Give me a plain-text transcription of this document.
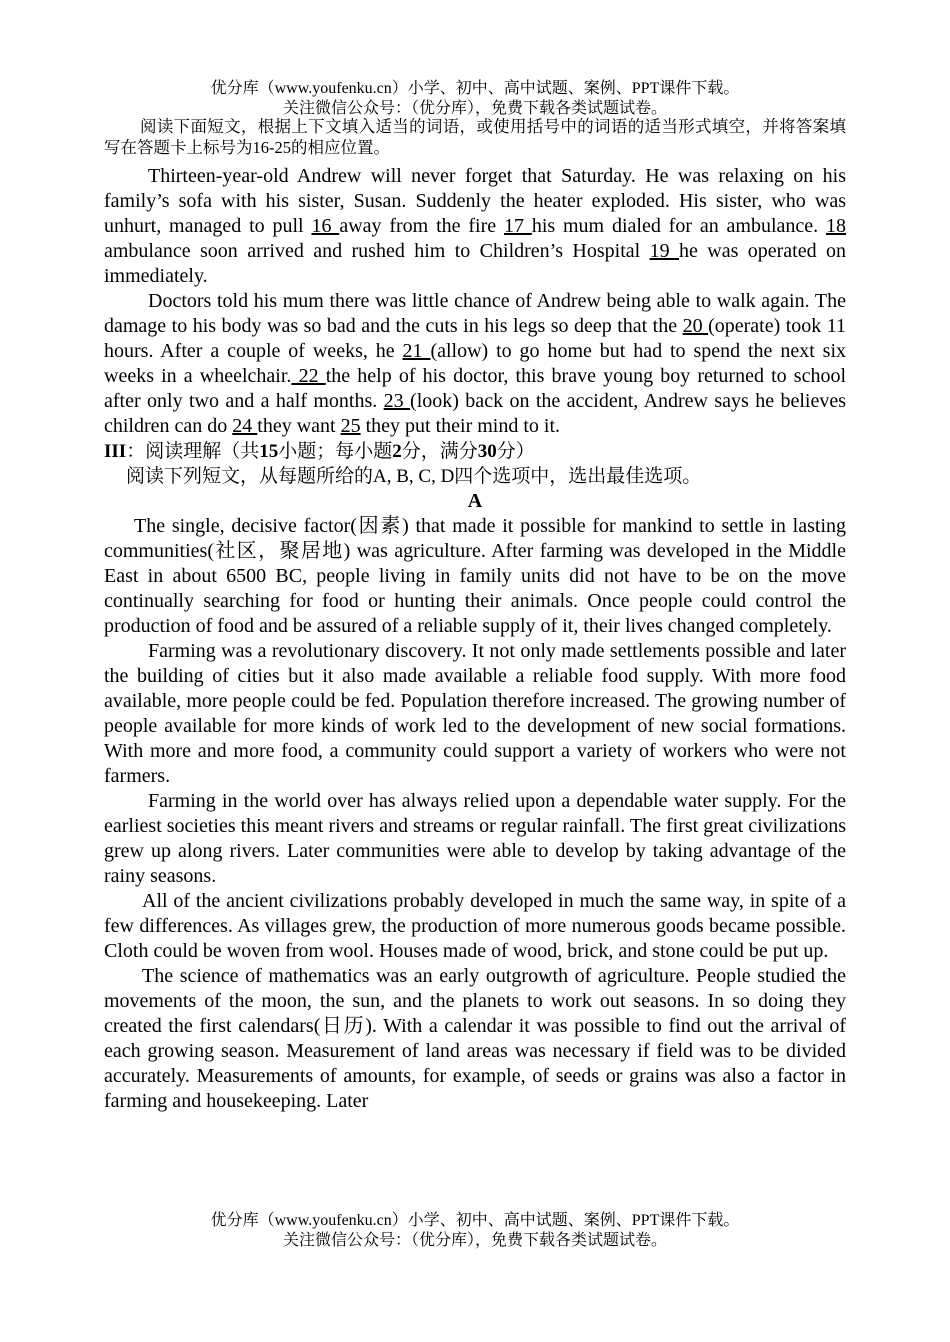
优分库（www.youfenku.cn）小学、初中、高中试题、案例、PPT课件下载。
关注微信公众号：（优分库），免费下载各类试题试卷。

阅读下面短文，根据上下文填入适当的词语，或使用括号中的词语的适当形式填空，并将答案填写在答题卡上标号为16-25的相应位置。

Thirteen-year-old Andrew will never forget that Saturday. He was relaxing on his family’s sofa with his sister, Susan. Suddenly the heater exploded. His sister, who was unhurt, managed to pull 16 away from the fire 17 his mum dialed for an ambulance. 18 ambulance soon arrived and rushed him to Children’s Hospital 19 he was operated on immediately.

Doctors told his mum there was little chance of Andrew being able to walk again. The damage to his body was so bad and the cuts in his legs so deep that the 20 (operate) took 11 hours. After a couple of weeks, he 21 (allow) to go home but had to spend the next six weeks in a wheelchair. 22 the help of his doctor, this brave young boy returned to school after only two and a half months. 23 (look) back on the accident, Andrew says he believes children can do 24 they want 25 they put their mind to it.

III：阅读理解（共15小题；每小题2分，满分30分）

阅读下列短文，从每题所给的A, B, C, D四个选项中，选出最佳选项。

A

The single, decisive factor(因素) that made it possible for mankind to settle in lasting communities(社区，聚居地) was agriculture. After farming was developed in the Middle East in about 6500 BC, people living in family units did not have to be on the move continually searching for food or hunting their animals. Once people could control the production of food and be assured of a reliable supply of it, their lives changed completely.

Farming was a revolutionary discovery. It not only made settlements possible and later the building of cities but it also made available a reliable food supply. With more food available, more people could be fed. Population therefore increased. The growing number of people available for more kinds of work led to the development of new social formations. With more and more food, a community could support a variety of workers who were not farmers.

Farming in the world over has always relied upon a dependable water supply. For the earliest societies this meant rivers and streams or regular rainfall. The first great civilizations grew up along rivers. Later communities were able to develop by taking advantage of the rainy seasons.

All of the ancient civilizations probably developed in much the same way, in spite of a few differences. As villages grew, the production of more numerous goods became possible. Cloth could be woven from wool. Houses made of wood, brick, and stone could be put up.

The science of mathematics was an early outgrowth of agriculture. People studied the movements of the moon, the sun, and the planets to work out seasons. In so doing they created the first calendars(日历). With a calendar it was possible to find out the arrival of each growing season. Measurement of land areas was necessary if field was to be divided accurately. Measurements of amounts, for example, of seeds or grains was also a factor in farming and housekeeping. Later

优分库（www.youfenku.cn）小学、初中、高中试题、案例、PPT课件下载。
关注微信公众号：（优分库），免费下载各类试题试卷。
